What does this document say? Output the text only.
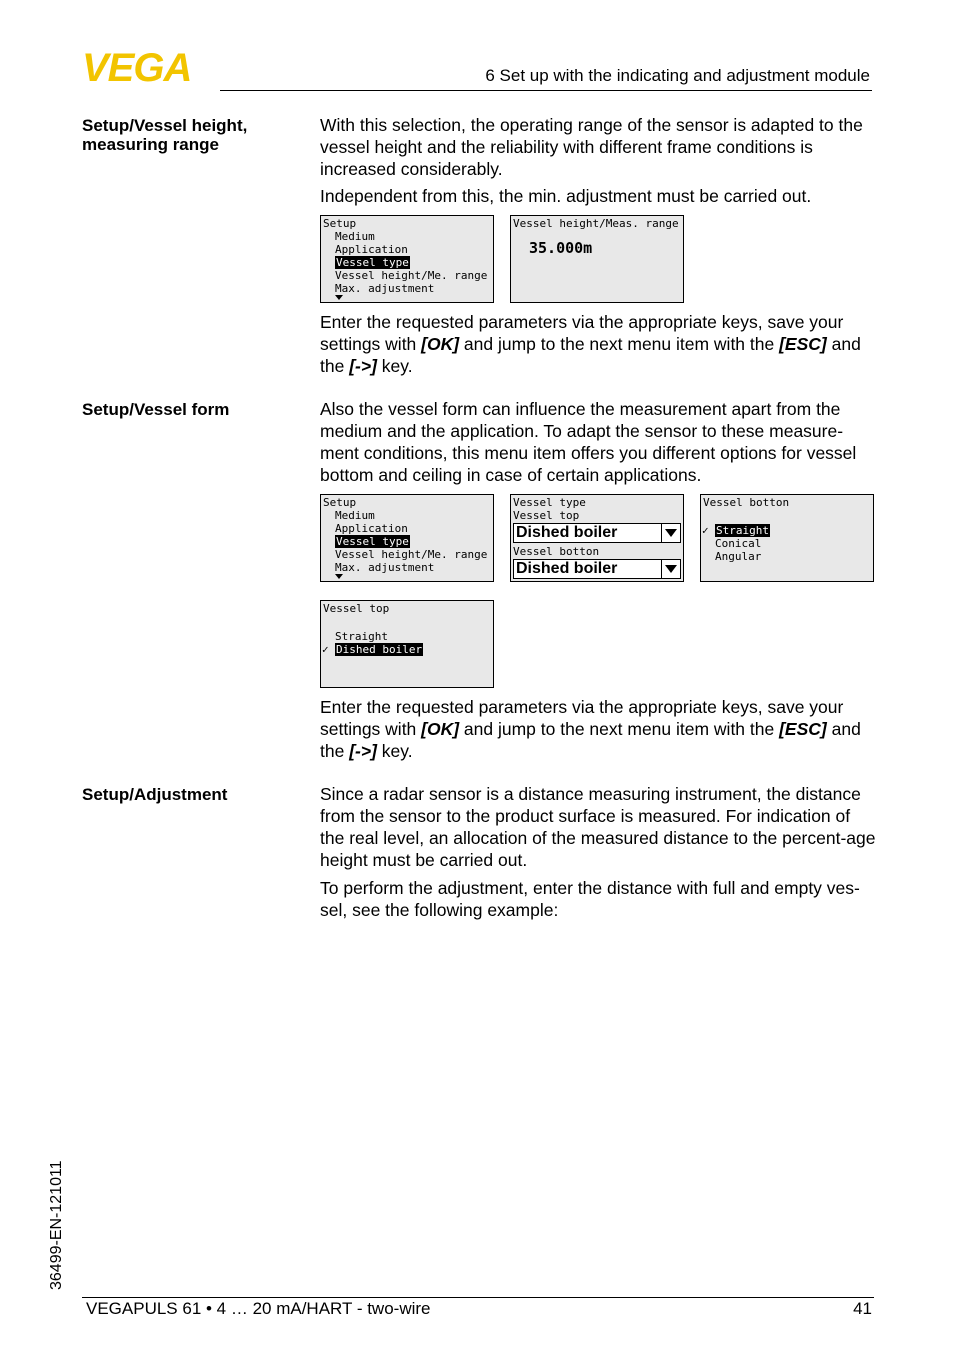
VEGA	6 Set up with the indicating and adjustment module
Setup/Vessel height, measuring range
With this selection, the operating range of the sensor is adapted to the vessel height and the reliability with different frame conditions is increased considerably.
Independent from this, the min. adjustment must be carried out.
Setup
Medium
Application
Vessel type
Vessel height/Me. range
Max. adjustment
Vessel height/Meas. range
35.000m
Enter the requested parameters via the appropriate keys, save your settings with [OK] and jump to the next menu item with the [ESC] and the [->] key.
Setup/Vessel form	Also the vessel form can influence the measurement apart from the medium and the application. To adapt the sensor to these measure-ment conditions, this menu item offers you different options for vessel bottom and ceiling in case of certain applications.
Setup
Medium
Application
Vessel type
Vessel height/Me. range
Max. adjustment
Vessel type
Vessel top
Dished boiler
Vessel botton
Dished boiler
Vessel botton
✓ Straight
Conical
Angular
Vessel top
Straight
✓ Dished boiler
Enter the requested parameters via the appropriate keys, save your settings with [OK] and jump to the next menu item with the [ESC] and the [->] key.
Setup/Adjustment	Since a radar sensor is a distance measuring instrument, the distance from the sensor to the product surface is measured. For indication of the real level, an allocation of the measured distance to the percent-age height must be carried out.
To perform the adjustment, enter the distance with full and empty ves-sel, see the following example:
36499-EN-121011
VEGAPULS 61 • 4 … 20 mA/HART - two-wire	41
